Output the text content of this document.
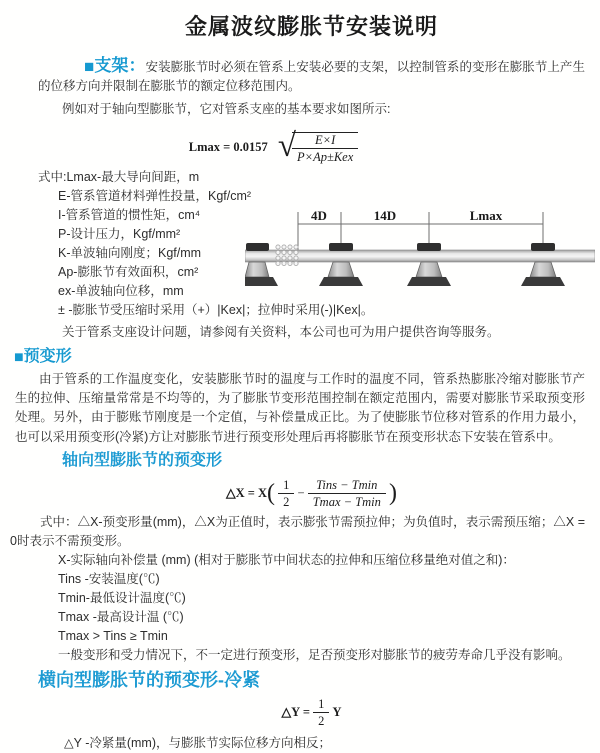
金属波纹膨胀节安装说明

■支架：安装膨胀节时必须在管系上安装必要的支架，以控制管系的变形在膨胀节上产生的位移方向并限制在膨胀节的额定位移范围内。

例如对于轴向型膨胀节，它对管系支座的基本要求如图所示:

Lmax = 0.0157 √
$\frac{E\times I}{\text{P×Ap±Kex}}$
式中:Lmax-最大导向间距，m
E-管系管道材料弹性投量，Kgf/cm²
I-管系管道的惯性矩，cm⁴
P-设计压力，Kgf/mm²
K-单波轴向刚度；Kgf/mm
Ap-膨胀节有效面积，cm²
ex-单波轴向位移，mm
± -膨胀节受压缩时采用（+）|Kex|；拉伸时采用(-)|Kex|。

关于管系支座设计问题，请参阅有关资料，本公司也可为用户提供咨询等服务。

■预变形

由于管系的工作温度变化，安装膨胀节时的温度与工作时的温度不同，管系热膨胀冷缩对膨胀节产生的拉伸、压缩量常常是不均等的，为了膨胀节变形范围控制在额定范围内，需要对膨胀节采取预变形处理。另外，由于膨账节刚度是一个定值，与补偿量成正比。为了使膨胀节位移对管系的作用力最小，也可以采用预变形(冷紧)方让对膨胀节进行预变形处理后再将膨胀节在预变形状态下安装在管系中。

轴向型膨胀节的预变形
△X = $X( \frac{1}{2} - \frac{\text{Tins − Tmin}}{Tmax - Tmin}$ )

式中：△X-预变形量(mm)，△X为正值时，表示膨张节需预拉伸；为负值时，表示需预压缩；△X = 0时表示不需预变形。

X-实际轴向补偿量 (mm) (相对于膨胀节中间状态的拉伸和压缩位移量绝对值之和)：
Tins -安装温度(℃)
Tmin-最低设计温度(℃)
Tmax -最高设计温 (℃)
Tmax > Tins ≥ Tmin
一般变形和受力情况下，不一定进行预变形，足否预变形对膨胀节的疲劳寿命几乎没有影响。
横向型膨胀节的预变形-冷紧
△Y = $\frac{1}{2}$ Y
△Y -冷紧量(mm)，与膨胀节实际位移方向相反；
4D	14D	Lmax
